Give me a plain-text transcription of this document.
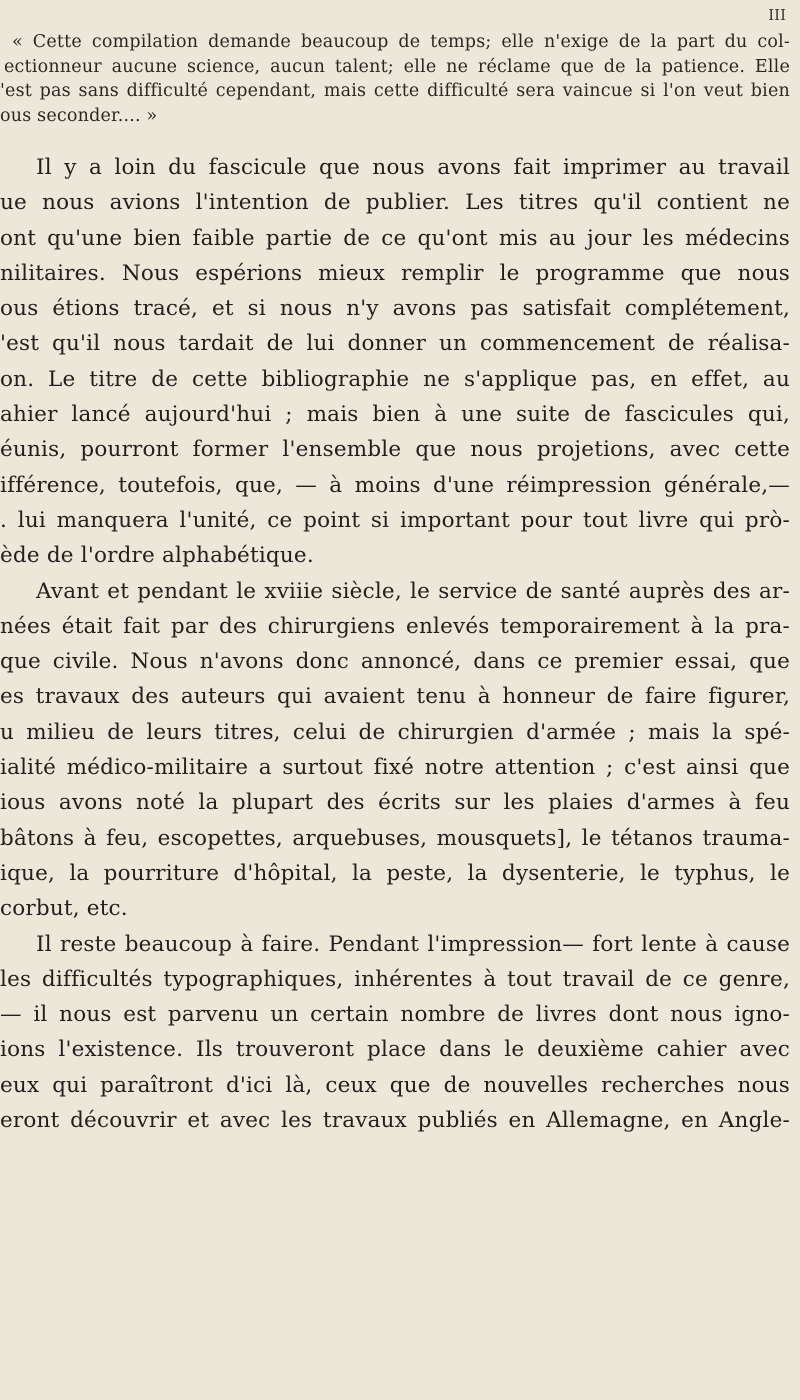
III
« Cette compilation demande beaucoup de temps; elle n'exige de la part du col-
ectionneur aucune science, aucun talent; elle ne réclame que de la patience. Elle
'est pas sans difficulté cependant, mais cette difficulté sera vaincue si l'on veut bien
ous seconder.... »
Il y a loin du fascicule que nous avons fait imprimer au travail
ue nous avions l'intention de publier. Les titres qu'il contient ne
ont qu'une bien faible partie de ce qu'ont mis au jour les médecins
nilitaires. Nous espérions mieux remplir le programme que nous
ous étions tracé, et si nous n'y avons pas satisfait complétement,
'est qu'il nous tardait de lui donner un commencement de réalisa-
on. Le titre de cette bibliographie ne s'applique pas, en effet, au
ahier lancé aujourd'hui ; mais bien à une suite de fascicules qui,
éunis, pourront former l'ensemble que nous projetions, avec cette
ifférence, toutefois, que, — à moins d'une réimpression générale,—
. lui manquera l'unité, ce point si important pour tout livre qui prò-
ède de l'ordre alphabétique.
Avant et pendant le xviiie siècle, le service de santé auprès des ar-
nées était fait par des chirurgiens enlevés temporairement à la pra-
que civile. Nous n'avons donc annoncé, dans ce premier essai, que
es travaux des auteurs qui avaient tenu à honneur de faire figurer,
u milieu de leurs titres, celui de chirurgien d'armée ; mais la spé-
ialité médico-militaire a surtout fixé notre attention ; c'est ainsi que
ious avons noté la plupart des écrits sur les plaies d'armes à feu
bâtons à feu, escopettes, arquebuses, mousquets], le tétanos trauma-
ique, la pourriture d'hôpital, la peste, la dysenterie, le typhus, le
corbut, etc.
Il reste beaucoup à faire. Pendant l'impression— fort lente à cause
les difficultés typographiques, inhérentes à tout travail de ce genre,
— il nous est parvenu un certain nombre de livres dont nous igno-
ions l'existence. Ils trouveront place dans le deuxième cahier avec
eux qui paraîtront d'ici là, ceux que de nouvelles recherches nous
eront découvrir et avec les travaux publiés en Allemagne, en Angle-
